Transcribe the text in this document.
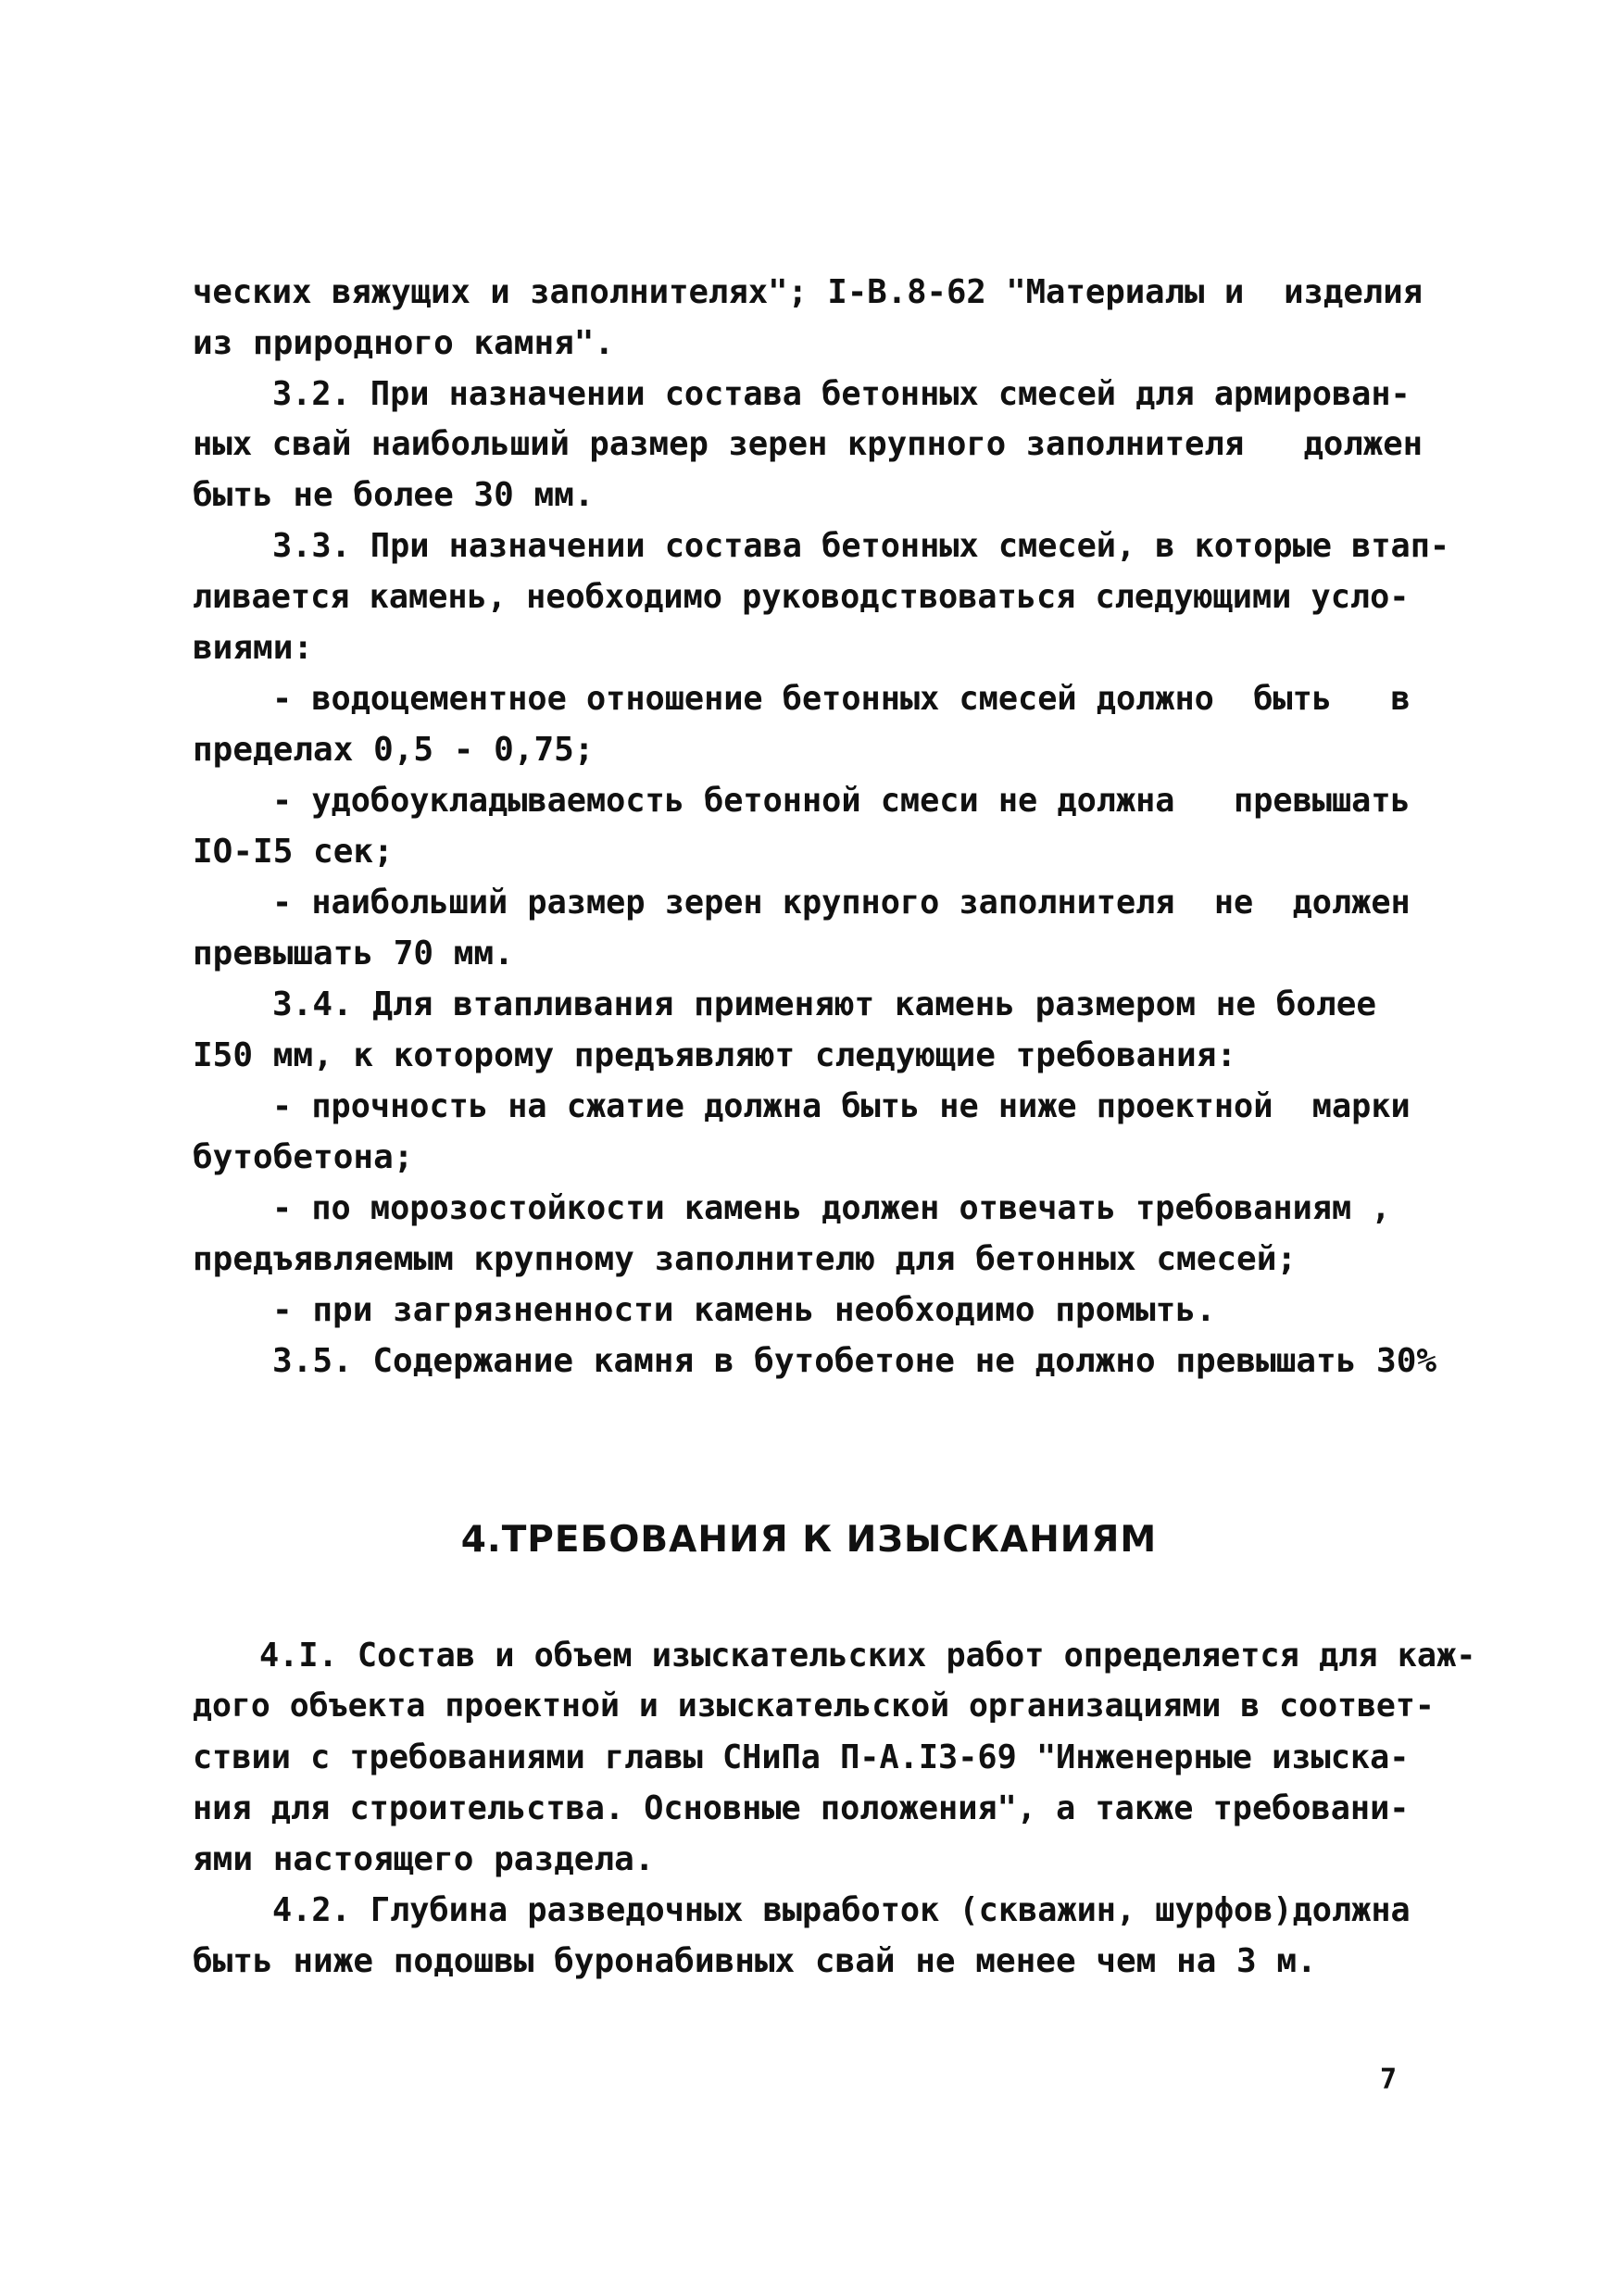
ческих вяжущих и заполнителях"; I-В.8-62 "Материалы и  изделия
из природного камня".
3.2. При назначении состава бетонных смесей для армирован-
ных свай наибольший размер зерен крупного заполнителя   должен
быть не более 30 мм.
3.3. При назначении состава бетонных смесей, в которые втап-
ливается камень, необходимо руководствоваться следующими усло-
виями:
- водоцементное отношение бетонных смесей должно  быть   в
пределах 0,5 - 0,75;
- удобоукладываемость бетонной смеси не должна   превышать
IO-I5 сек;
- наибольший размер зерен крупного заполнителя  не  должен
превышать 70 мм.
3.4. Для втапливания применяют камень размером не более
I50 мм, к которому предъявляют следующие требования:
- прочность на сжатие должна быть не ниже проектной  марки
бутобетона;
- по морозостойкости камень должен отвечать требованиям ,
предъявляемым крупному заполнителю для бетонных смесей;
- при загрязненности камень необходимо промыть.
3.5. Содержание камня в бутобетоне не должно превышать 30%
4.ТРЕБОВАНИЯ К ИЗЫСКАНИЯМ
4.I. Состав и объем изыскательских работ определяется для каж-
дого объекта проектной и изыскательской организациями в соответ-
ствии с требованиями главы СНиПа П-А.I3-69 "Инженерные изыска-
ния для строительства. Основные положения", а также требовани-
ями настоящего раздела.
4.2. Глубина разведочных выработок (скважин, шурфов)должна
быть ниже подошвы буронабивных свай не менее чем на 3 м.
7
